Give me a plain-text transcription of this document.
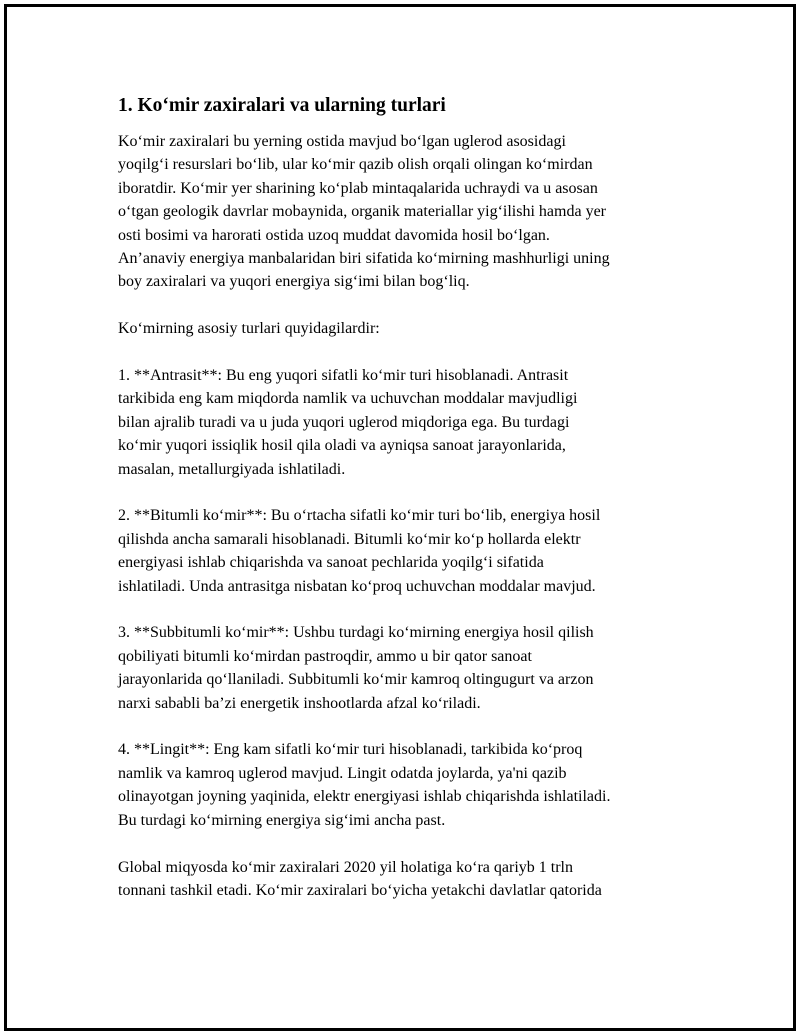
1. Koʻmir zaxiralari va ularning turlari
Koʻmir zaxiralari bu yerning ostida mavjud boʻlgan uglerod asosidagi
yoqilgʻi resurslari boʻlib, ular koʻmir qazib olish orqali olingan koʻmirdan
iboratdir. Koʻmir yer sharining koʻplab mintaqalarida uchraydi va u asosan
oʻtgan geologik davrlar mobaynida, organik materiallar yigʻilishi hamda yer
osti bosimi va harorati ostida uzoq muddat davomida hosil boʻlgan.
An’anaviy energiya manbalaridan biri sifatida koʻmirning mashhurligi uning
boy zaxiralari va yuqori energiya sigʻimi bilan bogʻliq.
Koʻmirning asosiy turlari quyidagilardir:
1. **Antrasit**: Bu eng yuqori sifatli koʻmir turi hisoblanadi. Antrasit
tarkibida eng kam miqdorda namlik va uchuvchan moddalar mavjudligi
bilan ajralib turadi va u juda yuqori uglerod miqdoriga ega. Bu turdagi
koʻmir yuqori issiqlik hosil qila oladi va ayniqsa sanoat jarayonlarida,
masalan, metallurgiyada ishlatiladi.
2. **Bitumli koʻmir**: Bu oʻrtacha sifatli koʻmir turi boʻlib, energiya hosil
qilishda ancha samarali hisoblanadi. Bitumli koʻmir koʻp hollarda elektr
energiyasi ishlab chiqarishda va sanoat pechlarida yoqilgʻi sifatida
ishlatiladi. Unda antrasitga nisbatan koʻproq uchuvchan moddalar mavjud.
3. **Subbitumli koʻmir**: Ushbu turdagi koʻmirning energiya hosil qilish
qobiliyati bitumli koʻmirdan pastroqdir, ammo u bir qator sanoat
jarayonlarida qoʻllaniladi. Subbitumli koʻmir kamroq oltingugurt va arzon
narxi sababli ba’zi energetik inshootlarda afzal koʻriladi.
4. **Lingit**: Eng kam sifatli koʻmir turi hisoblanadi, tarkibida koʻproq
namlik va kamroq uglerod mavjud. Lingit odatda joylarda, ya'ni qazib
olinayotgan joyning yaqinida, elektr energiyasi ishlab chiqarishda ishlatiladi.
Bu turdagi koʻmirning energiya sigʻimi ancha past.
Global miqyosda koʻmir zaxiralari 2020 yil holatiga koʻra qariyb 1 trln
tonnani tashkil etadi. Koʻmir zaxiralari boʻyicha yetakchi davlatlar qatorida
